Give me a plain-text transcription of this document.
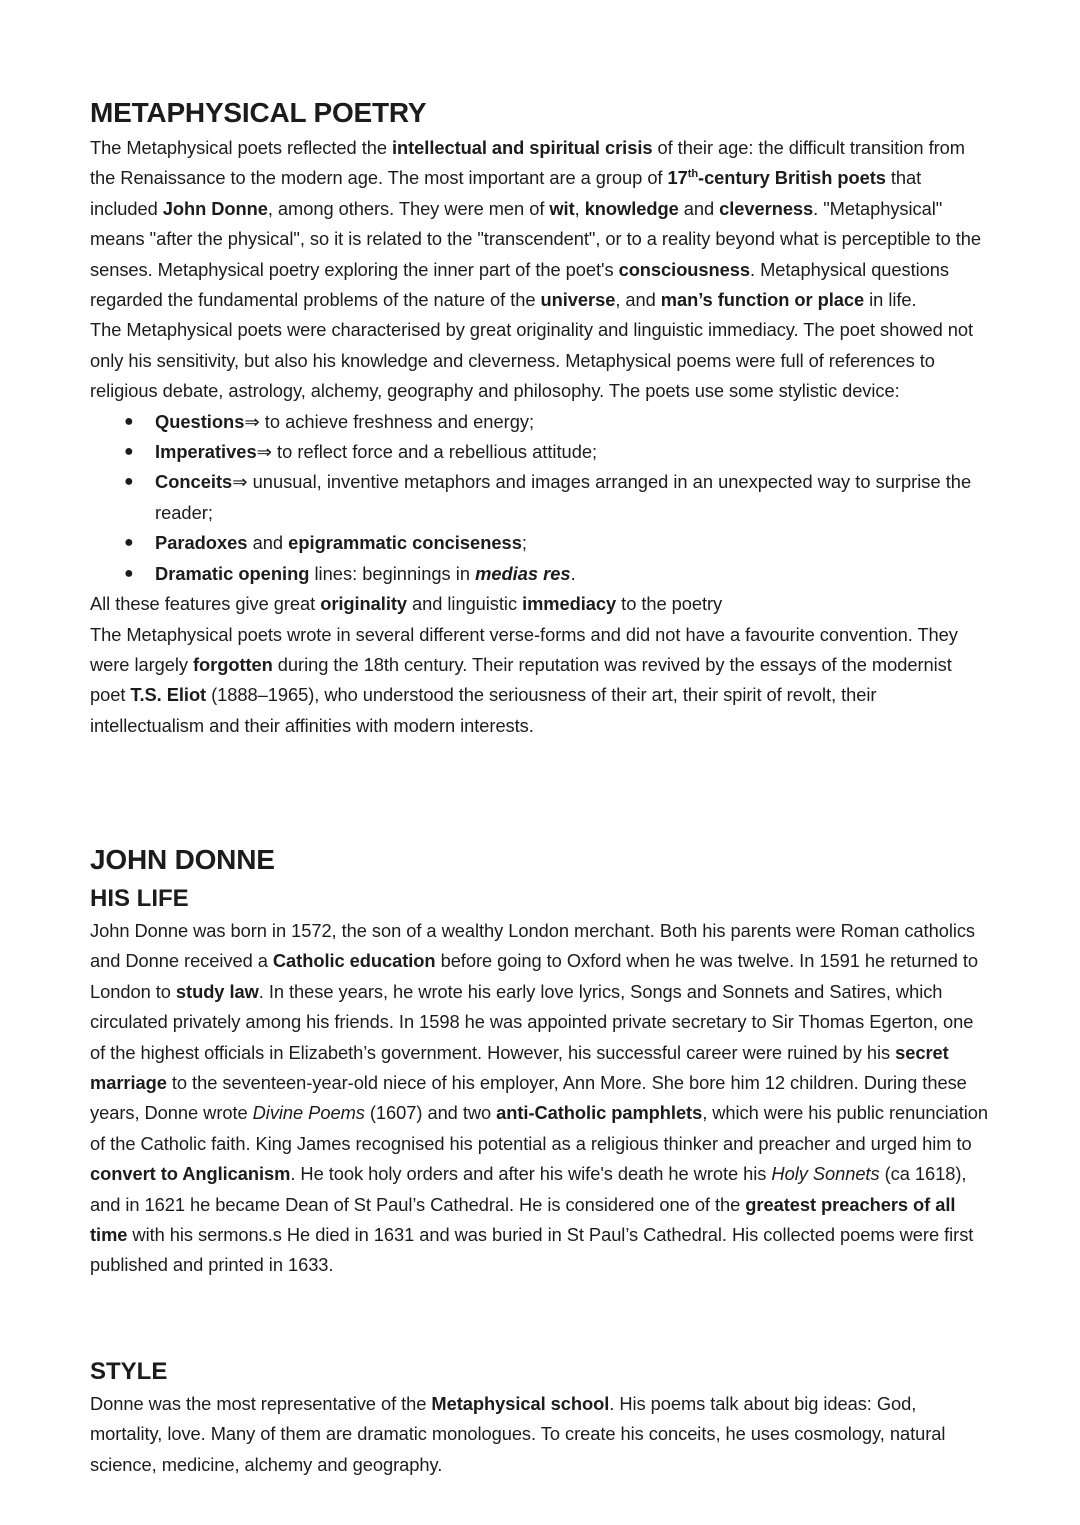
METAPHYSICAL POETRY

The Metaphysical poets reflected the intellectual and spiritual crisis of their age: the difficult transition from the Renaissance to the modern age. The most important are a group of 17th-century British poets that included John Donne, among others. They were men of wit, knowledge and cleverness. "Metaphysical" means "after the physical", so it is related to the "transcendent", or to a reality beyond what is perceptible to the senses. Metaphysical poetry exploring the inner part of the poet's consciousness. Metaphysical questions regarded the fundamental problems of the nature of the universe, and man’s function or place in life.

The Metaphysical poets were characterised by great originality and linguistic immediacy. The poet showed not only his sensitivity, but also his knowledge and cleverness. Metaphysical poems were full of references to religious debate, astrology, alchemy, geography and philosophy. The poets use some stylistic device:

● Questions⇒ to achieve freshness and energy;
● Imperatives⇒ to reflect force and a rebellious attitude;
● Conceits⇒ unusual, inventive metaphors and images arranged in an unexpected way to surprise the reader;
● Paradoxes and epigrammatic conciseness;
● Dramatic opening lines: beginnings in medias res.

All these features give great originality and linguistic immediacy to the poetry

The Metaphysical poets wrote in several different verse-forms and did not have a favourite convention. They were largely forgotten during the 18th century. Their reputation was revived by the essays of the modernist poet T.S. Eliot (1888–1965), who understood the seriousness of their art, their spirit of revolt, their intellectualism and their affinities with modern interests.

JOHN DONNE
HIS LIFE

John Donne was born in 1572, the son of a wealthy London merchant. Both his parents were Roman catholics and Donne received a Catholic education before going to Oxford when he was twelve. In 1591 he returned to London to study law. In these years, he wrote his early love lyrics, Songs and Sonnets and Satires, which circulated privately among his friends. In 1598 he was appointed private secretary to Sir Thomas Egerton, one of the highest officials in Elizabeth’s government. However, his successful career were ruined by his secret marriage to the seventeen-year-old niece of his employer, Ann More. She bore him 12 children. During these years, Donne wrote Divine Poems (1607) and two anti-Catholic pamphlets, which were his public renunciation of the Catholic faith. King James recognised his potential as a religious thinker and preacher and urged him to convert to Anglicanism. He took holy orders and after his wife's death he wrote his Holy Sonnets (ca 1618), and in 1621 he became Dean of St Paul’s Cathedral. He is considered one of the greatest preachers of all time with his sermons.s He died in 1631 and was buried in St Paul’s Cathedral. His collected poems were first published and printed in 1633.

STYLE

Donne was the most representative of the Metaphysical school. His poems talk about big ideas: God, mortality, love. Many of them are dramatic monologues. To create his conceits, he uses cosmology, natural science, medicine, alchemy and geography.
